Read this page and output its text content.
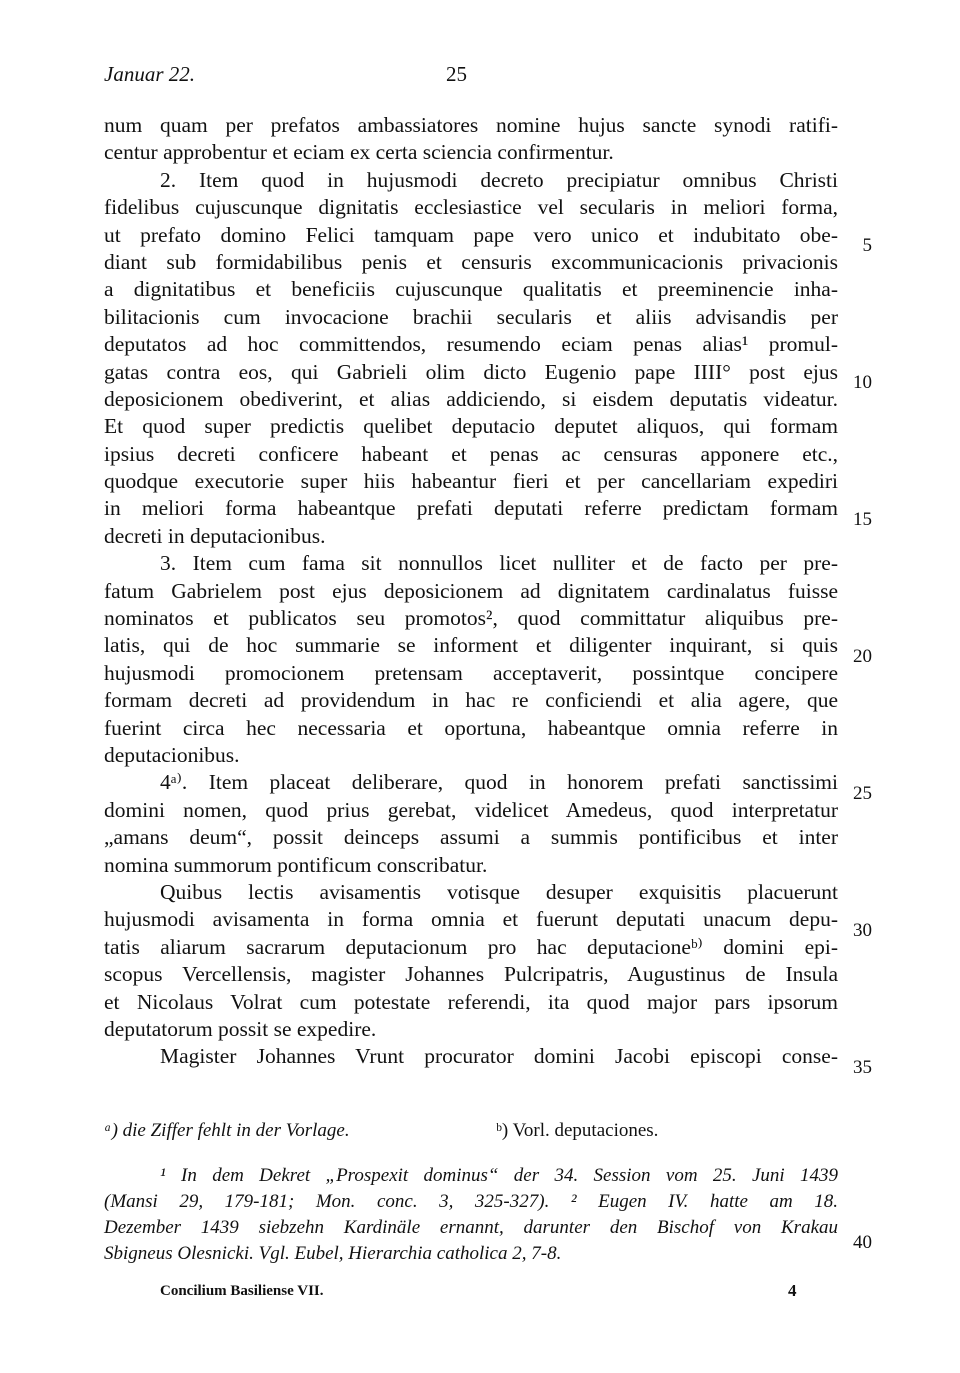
Januar 22.	25
num quam per prefatos ambassiatores nomine hujus sancte synodi ratifi-
centur approbentur et eciam ex certa sciencia confirmentur.
2. Item quod in hujusmodi decreto precipiatur omnibus Christi
fidelibus cujuscunque dignitatis ecclesiastice vel secularis in meliori forma,
ut prefato domino Felici tamquam pape vero unico et indubitato obe-
diant sub formidabilibus penis et censuris excommunicacionis privacionis
a dignitatibus et beneficiis cujuscunque qualitatis et preeminencie inha-
bilitacionis cum invocacione brachii secularis et aliis advisandis per
deputatos ad hoc committendos, resumendo eciam penas alias¹ promul-
gatas contra eos, qui Gabrieli olim dicto Eugenio pape IIII° post ejus
deposicionem obediverint, et alias addiciendo, si eisdem deputatis videatur.
Et quod super predictis quelibet deputacio deputet aliquos, qui formam
ipsius decreti conficere habeant et penas ac censuras apponere etc.,
quodque executorie super hiis habeantur fieri et per cancellariam expediri
in meliori forma habeantque prefati deputati referre predictam formam
decreti in deputacionibus.
3. Item cum fama sit nonnullos licet nulliter et de facto per pre-
fatum Gabrielem post ejus deposicionem ad dignitatem cardinalatus fuisse
nominatos et publicatos seu promotos², quod committatur aliquibus pre-
latis, qui de hoc summarie se informent et diligenter inquirant, si quis
hujusmodi promocionem pretensam acceptaverit, possintque concipere
formam decreti ad providendum in hac re conficiendi et alia agere, que
fuerint circa hec necessaria et oportuna, habeantque omnia referre in
deputacionibus.
4ᵃ⁾. Item placeat deliberare, quod in honorem prefati sanctissimi
domini nomen, quod prius gerebat, videlicet Amedeus, quod interpretatur
„amans deum“, possit deinceps assumi a summis pontificibus et inter
nomina summorum pontificum conscribatur.
Quibus lectis avisamentis votisque desuper exquisitis placuerunt
hujusmodi avisamenta in forma omnia et fuerunt deputati unacum depu-
tatis aliarum sacrarum deputacionum pro hac deputacioneᵇ⁾ domini epi-
scopus Vercellensis, magister Johannes Pulcripatris, Augustinus de Insula
et Nicolaus Volrat cum potestate referendi, ita quod major pars ipsorum
deputatorum possit se expedire.
Magister Johannes Vrunt procurator domini Jacobi episcopi conse-
5
10
15
20
25
30
35
40
ᵃ) die Ziffer fehlt in der Vorlage.	ᵇ) Vorl. deputaciones.
¹ In dem Dekret „Prospexit dominus“ der 34. Session vom 25. Juni 1439
(Mansi 29, 179-181; Mon. conc. 3, 325-327). ² Eugen IV. hatte am 18.
Dezember 1439 siebzehn Kardinäle ernannt, darunter den Bischof von Krakau
Sbigneus Olesnicki. Vgl. Eubel, Hierarchia catholica 2, 7-8.
Concilium Basiliense VII.	4
